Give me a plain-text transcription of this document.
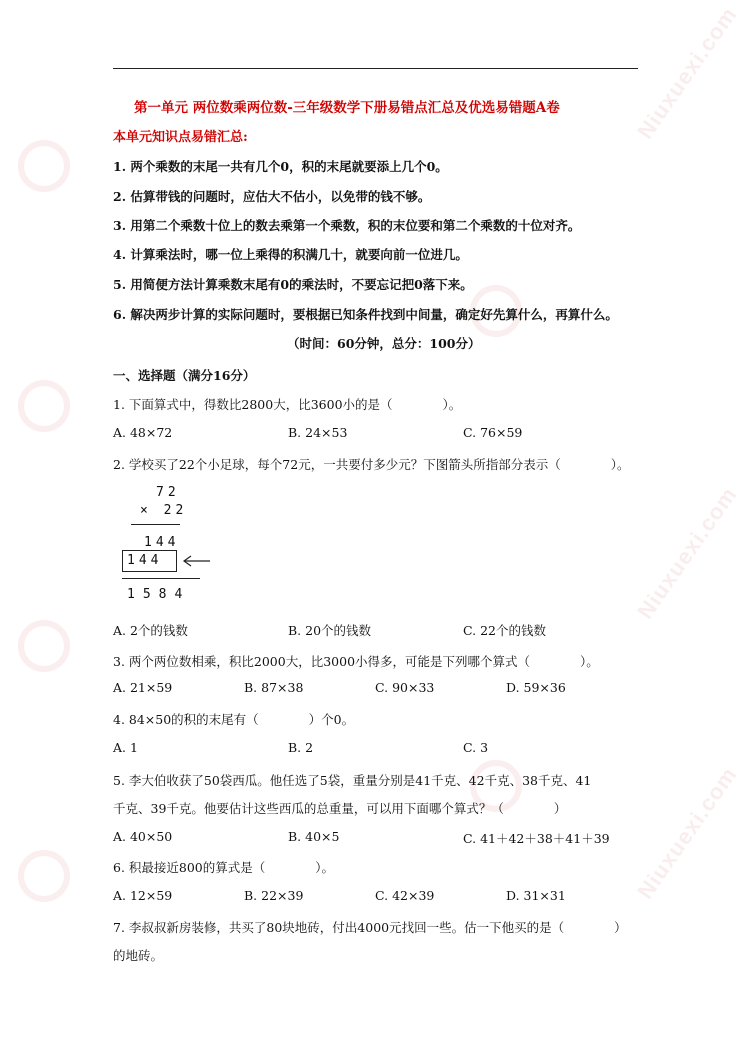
Niuxuexi.com
Niuxuexi.com
Niuxuexi.com
第一单元 两位数乘两位数-三年级数学下册易错点汇总及优选易错题A卷
本单元知识点易错汇总:
1. 两个乘数的末尾一共有几个0，积的末尾就要添上几个0。
2. 估算带钱的问题时，应估大不估小，以免带的钱不够。
3. 用第二个乘数十位上的数去乘第一个乘数，积的末位要和第二个乘数的十位对齐。
4. 计算乘法时，哪一位上乘得的积满几十，就要向前一位进几。
5. 用简便方法计算乘数末尾有0的乘法时，不要忘记把0落下来。
6. 解决两步计算的实际问题时，要根据已知条件找到中间量，确定好先算什么，再算什么。
（时间：60分钟，总分：100分）
一、选择题（满分16分）
1. 下面算式中，得数比2800大，比3600小的是（　　　　）。
A. 48×72	B. 24×53	C. 76×59
2. 学校买了22个小足球，每个72元，一共要付多少元？下图箭头所指部分表示（　　　　）。
72
× 22
144
144
1584
A. 2个的钱数	B. 20个的钱数	C. 22个的钱数
3. 两个两位数相乘，积比2000大，比3000小得多，可能是下列哪个算式（　　　　）。
A. 21×59	B. 87×38	C. 90×33	D. 59×36
4. 84×50的积的末尾有（　　　　）个0。
A. 1	B. 2	C. 3
5. 李大伯收获了50袋西瓜。他任选了5袋，重量分别是41千克、42千克、38千克、41
千克、39千克。他要估计这些西瓜的总重量，可以用下面哪个算式？（　　　　）
A. 40×50	B. 40×5	C. 41＋42＋38＋41＋39
6. 积最接近800的算式是（　　　　）。
A. 12×59	B. 22×39	C. 42×39	D. 31×31
7. 李叔叔新房装修，共买了80块地砖，付出4000元找回一些。估一下他买的是（　　　　）
的地砖。
